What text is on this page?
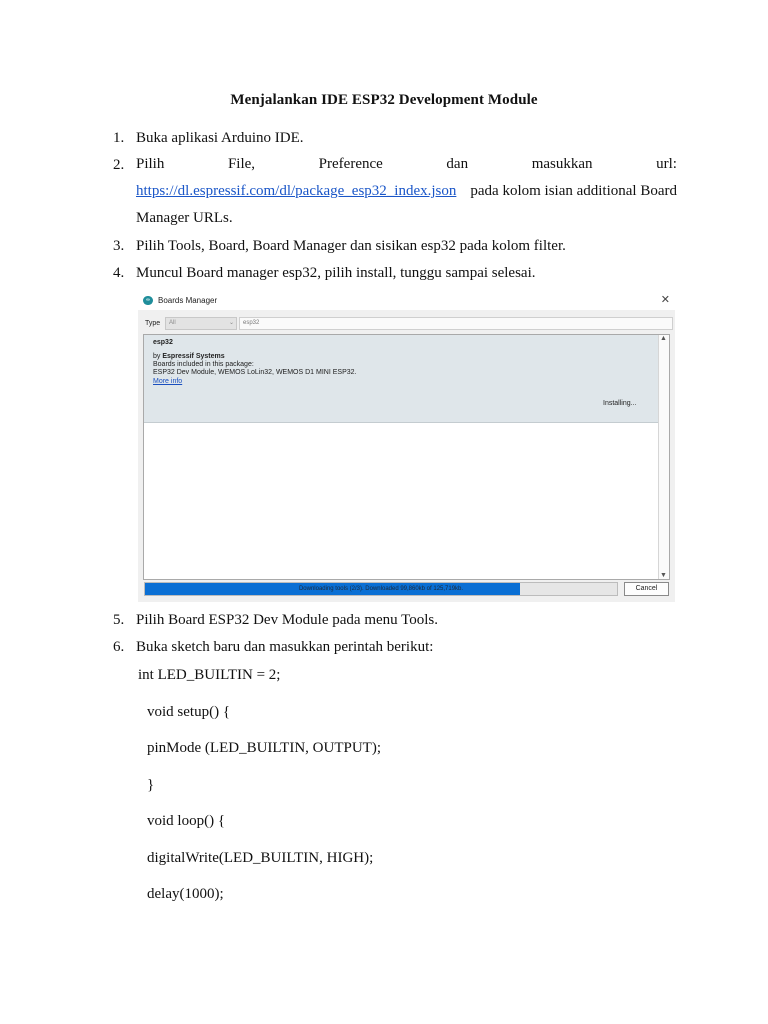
Menjalankan IDE ESP32 Development Module
1. Buka aplikasi Arduino IDE.
2. Pilih	File,	Preference	dan	masukkan	url:
https://dl.espressif.com/dl/package_esp32_index.json pada kolom isian additional Board
Manager URLs.
3. Pilih Tools, Board, Board Manager dan sisikan esp32 pada kolom filter.
4. Muncul Board manager esp32, pilih install, tunggu sampai selesai.
∞	Boards Manager	✕
Type All	⌄ esp32
esp32
by Espressif Systems
Boards included in this package:
ESP32 Dev Module, WEMOS LoLin32, WEMOS D1 MINI ESP32.
More info
Installing...
▲
▼
Downloading tools (2/3). Downloaded 99,860kb of 125,719kb.	Cancel
5. Pilih Board ESP32 Dev Module pada menu Tools.
6. Buka sketch baru dan masukkan perintah berikut:
int LED_BUILTIN = 2;
void setup() {
pinMode (LED_BUILTIN, OUTPUT);
}
void loop() {
digitalWrite(LED_BUILTIN, HIGH);
delay(1000);
